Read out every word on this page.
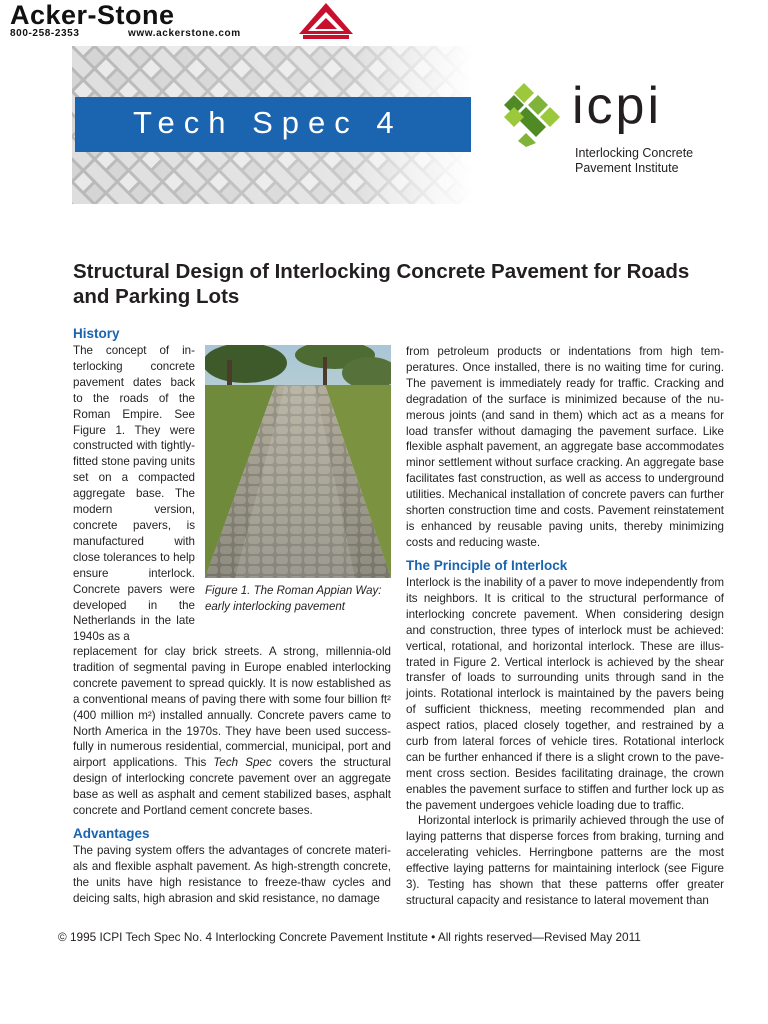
Acker-Stone
800-258-2353	www.ackerstone.com
Tech Spec 4	icpi
Interlocking Concrete
Pavement Institute
Structural Design of Interlocking Concrete Pavement for Roads and Parking Lots
History
The concept of interlocking concrete pavement dates back to the roads of the Roman Empire. See Figure 1. They were constructed with tightly-fitted stone paving units set on a compacted aggregate base. The modern version, concrete pavers, is manufactured with close tolerances to help ensure interlock. Concrete pavers were developed in the Netherlands in the late 1940s as a
replacement for clay brick streets. A strong, millennia-old tradition of segmental paving in Europe enabled interlocking concrete pavement to spread quickly. It is now established as a conventional means of paving there with some four billion ft² (400 million m²) installed annually. Concrete pavers came to North America in the 1970s. They have been used successfully in numerous residential, commercial, municipal, port and airport applications. This Tech Spec covers the structural design of interlocking concrete pavement over an aggregate base as well as asphalt and cement stabilized bases, asphalt concrete and Portland cement concrete bases.
Figure 1. The Roman Appian Way: early interlocking pavement
Advantages
The paving system offers the advantages of concrete materials and flexible asphalt pavement. As high-strength concrete, the units have high resistance to freeze-thaw cycles and deicing salts, high abrasion and skid resistance, no damage
from petroleum products or indentations from high temperatures. Once installed, there is no waiting time for curing. The pavement is immediately ready for traffic. Cracking and degradation of the surface is minimized because of the numerous joints (and sand in them) which act as a means for load transfer without damaging the pavement surface. Like flexible asphalt pavement, an aggregate base accommodates minor settlement without surface cracking. An aggregate base facilitates fast construction, as well as access to underground utilities. Mechanical installation of concrete pavers can further shorten construction time and costs. Pavement reinstatement is enhanced by reusable paving units, thereby minimizing costs and reducing waste.
The Principle of Interlock
Interlock is the inability of a paver to move independently from its neighbors. It is critical to the structural performance of interlocking concrete pavement. When considering design and construction, three types of interlock must be achieved: vertical, rotational, and horizontal interlock. These are illustrated in Figure 2. Vertical interlock is achieved by the shear transfer of loads to surrounding units through sand in the joints. Rotational interlock is maintained by the pavers being of sufficient thickness, meeting recommended plan and aspect ratios, placed closely together, and restrained by a curb from lateral forces of vehicle tires. Rotational interlock can be further enhanced if there is a slight crown to the pavement cross section. Besides facilitating drainage, the crown enables the pavement surface to stiffen and further lock up as the pavement undergoes vehicle loading due to traffic.
Horizontal interlock is primarily achieved through the use of laying patterns that disperse forces from braking, turning and accelerating vehicles. Herringbone patterns are the most effective laying patterns for maintaining interlock (see Figure 3). Testing has shown that these patterns offer greater structural capacity and resistance to lateral movement than
© 1995 ICPI Tech Spec No. 4 Interlocking Concrete Pavement Institute • All rights reserved—Revised May 2011
